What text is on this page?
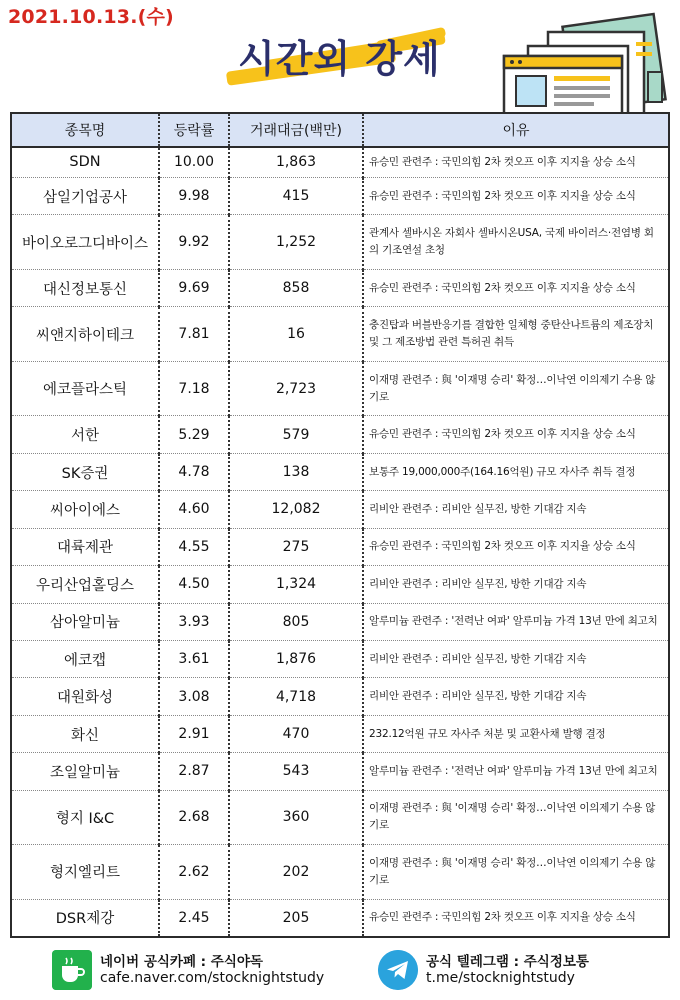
2021.10.13.(수)
시간외 강세
종목명	등락률	거래대금(백만)	이유
SDN	10.00	1,863	유승민 관련주 : 국민의힘 2차 컷오프 이후 지지율 상승 소식
삼일기업공사	9.98	415	유승민 관련주 : 국민의힘 2차 컷오프 이후 지지율 상승 소식
바이오로그디바이스	9.92	1,252	관계사 셀바시온 자회사 셀바시온USA, 국제 바이러스·전염병 회의 기조연설 초청
대신정보통신	9.69	858	유승민 관련주 : 국민의힘 2차 컷오프 이후 지지율 상승 소식
씨앤지하이테크	7.81	16	충진탑과 버블반응기를 결합한 일체형 중탄산나트륨의 제조장치 및 그 제조방법 관련 특허권 취득
에코플라스틱	7.18	2,723	이재명 관련주 : 與 '이재명 승리' 확정…이낙연 이의제기 수용 않기로
서한	5.29	579	유승민 관련주 : 국민의힘 2차 컷오프 이후 지지율 상승 소식
SK증권	4.78	138	보통주 19,000,000주(164.16억원) 규모 자사주 취득 결정
씨아이에스	4.60	12,082	리비안 관련주 : 리비안 실무진, 방한 기대감 지속
대륙제관	4.55	275	유승민 관련주 : 국민의힘 2차 컷오프 이후 지지율 상승 소식
우리산업홀딩스	4.50	1,324	리비안 관련주 : 리비안 실무진, 방한 기대감 지속
삼아알미늄	3.93	805	알루미늄 관련주 : '전력난 여파' 알루미늄 가격 13년 만에 최고치
에코캡	3.61	1,876	리비안 관련주 : 리비안 실무진, 방한 기대감 지속
대원화성	3.08	4,718	리비안 관련주 : 리비안 실무진, 방한 기대감 지속
화신	2.91	470	232.12억원 규모 자사주 처분 및 교환사채 발행 결정
조일알미늄	2.87	543	알루미늄 관련주 : '전력난 여파' 알루미늄 가격 13년 만에 최고치
형지 I&C	2.68	360	이재명 관련주 : 與 '이재명 승리' 확정…이낙연 이의제기 수용 않기로
형지엘리트	2.62	202	이재명 관련주 : 與 '이재명 승리' 확정…이낙연 이의제기 수용 않기로
DSR제강	2.45	205	유승민 관련주 : 국민의힘 2차 컷오프 이후 지지율 상승 소식
네이버 공식카페 : 주식야독
cafe.naver.com/stocknightstudy
공식 텔레그램 : 주식정보통
t.me/stocknightstudy
